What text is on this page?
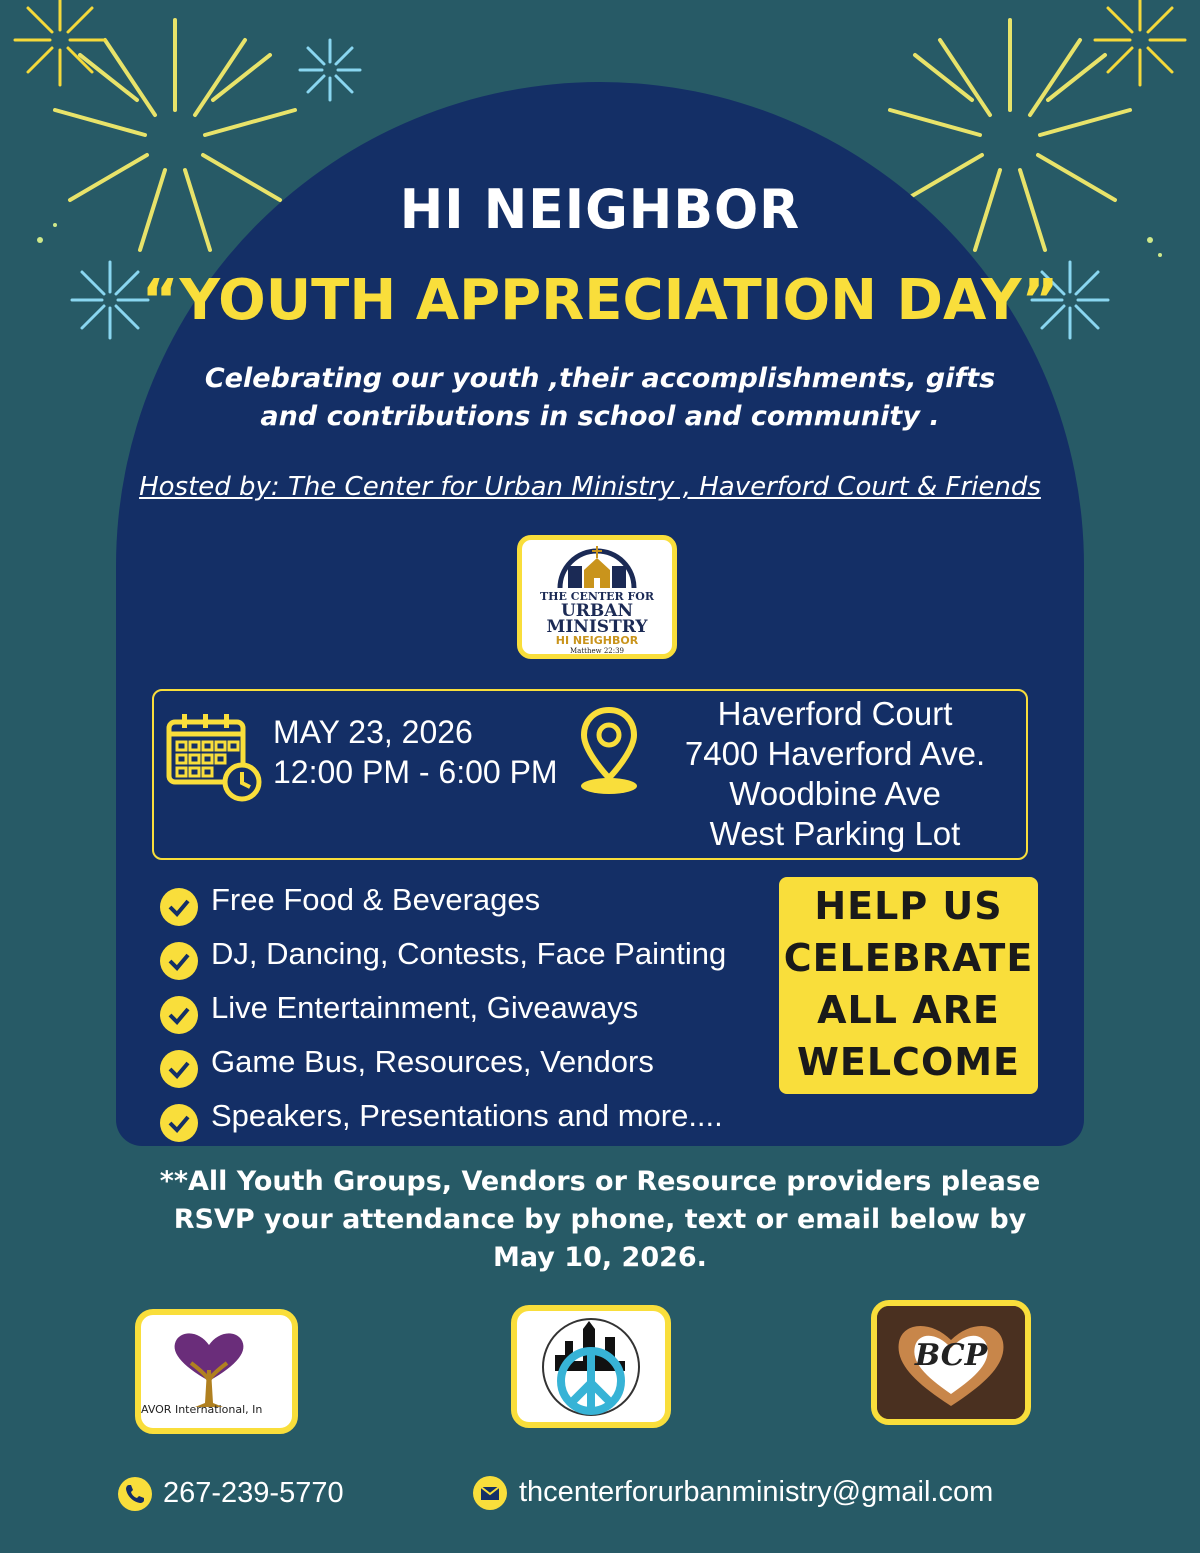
HI NEIGHBOR
“YOUTH APPRECIATION DAY”
Celebrating our youth ,their accomplishments, gifts
and contributions in school and community .
Hosted by: The Center for Urban Ministry , Haverford Court & Friends
THE CENTER FOR
URBAN
MINISTRY
HI NEIGHBOR
Matthew 22:39
MAY 23, 2026
12:00 PM - 6:00 PM
Haverford Court
7400 Haverford Ave.
Woodbine Ave
West Parking Lot
Free Food & Beverages
DJ, Dancing, Contests, Face Painting
Live Entertainment, Giveaways
Game Bus, Resources, Vendors
Speakers, Presentations and more....
HELP US
CELEBRATE
ALL ARE
WELCOME
**All Youth Groups, Vendors or Resource providers please
RSVP your attendance by phone, text or email below by
May 10, 2026.
AVOR International, In
BCP
267-239-5770	thcenterforurbanministry@gmail.com
